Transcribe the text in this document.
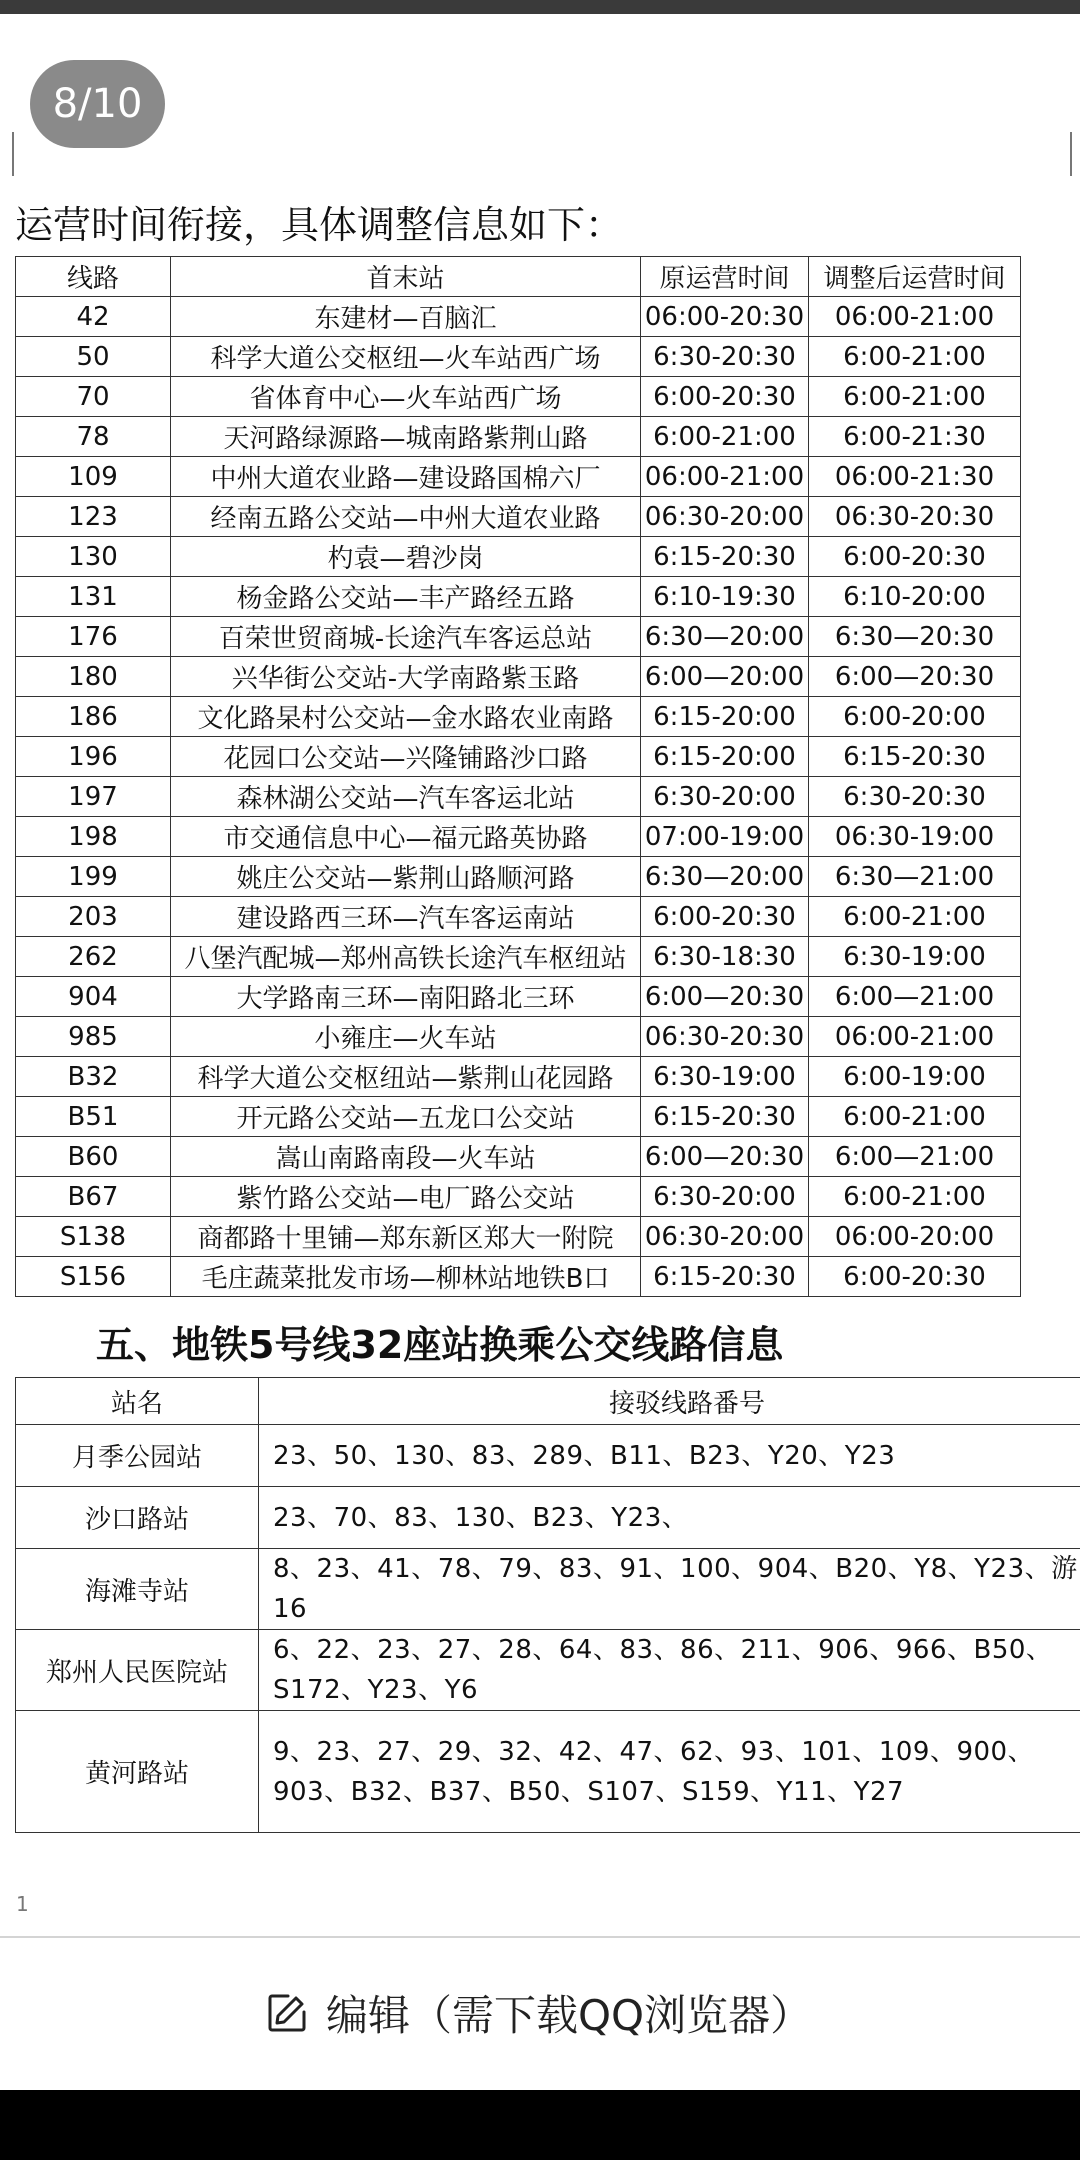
8/10
运营时间衔接，具体调整信息如下：
线路	首末站	原运营时间	调整后运营时间
42	东建材—百脑汇	06:00-20:30	06:00-21:00
50	科学大道公交枢纽—火车站西广场	6:30-20:30	6:00-21:00
70	省体育中心—火车站西广场	6:00-20:30	6:00-21:00
78	天河路绿源路—城南路紫荆山路	6:00-21:00	6:00-21:30
109	中州大道农业路—建设路国棉六厂	06:00-21:00	06:00-21:30
123	经南五路公交站—中州大道农业路	06:30-20:00	06:30-20:30
130	杓袁—碧沙岗	6:15-20:30	6:00-20:30
131	杨金路公交站—丰产路经五路	6:10-19:30	6:10-20:00
176	百荣世贸商城-长途汽车客运总站	6:30—20:00	6:30—20:30
180	兴华街公交站-大学南路紫玉路	6:00—20:00	6:00—20:30
186	文化路杲村公交站—金水路农业南路	6:15-20:00	6:00-20:00
196	花园口公交站—兴隆铺路沙口路	6:15-20:00	6:15-20:30
197	森林湖公交站—汽车客运北站	6:30-20:00	6:30-20:30
198	市交通信息中心—福元路英协路	07:00-19:00	06:30-19:00
199	姚庄公交站—紫荆山路顺河路	6:30—20:00	6:30—21:00
203	建设路西三环—汽车客运南站	6:00-20:30	6:00-21:00
262	八堡汽配城—郑州高铁长途汽车枢纽站	6:30-18:30	6:30-19:00
904	大学路南三环—南阳路北三环	6:00—20:30	6:00—21:00
985	小雍庄—火车站	06:30-20:30	06:00-21:00
B32	科学大道公交枢纽站—紫荆山花园路	6:30-19:00	6:00-19:00
B51	开元路公交站—五龙口公交站	6:15-20:30	6:00-21:00
B60	嵩山南路南段—火车站	6:00—20:30	6:00—21:00
B67	紫竹路公交站—电厂路公交站	6:30-20:00	6:00-21:00
S138	商都路十里铺—郑东新区郑大一附院	06:30-20:00	06:00-20:00
S156	毛庄蔬菜批发市场—柳林站地铁B口	6:15-20:30	6:00-20:30
五、地铁5号线32座站换乘公交线路信息
站名	接驳线路番号
月季公园站	23、50、130、83、289、B11、B23、Y20、Y23
沙口路站	23、70、83、130、B23、Y23、
海滩寺站	8、23、41、78、79、83、91、100、904、B20、Y8、Y23、游16
郑州人民医院站	6、22、23、27、28、64、83、86、211、906、966、B50、 S172、Y23、Y6
黄河路站	9、23、27、29、32、42、47、62、93、101、109、900、903、B32、B37、B50、S107、S159、Y11、Y27
1
编辑（需下载QQ浏览器）
